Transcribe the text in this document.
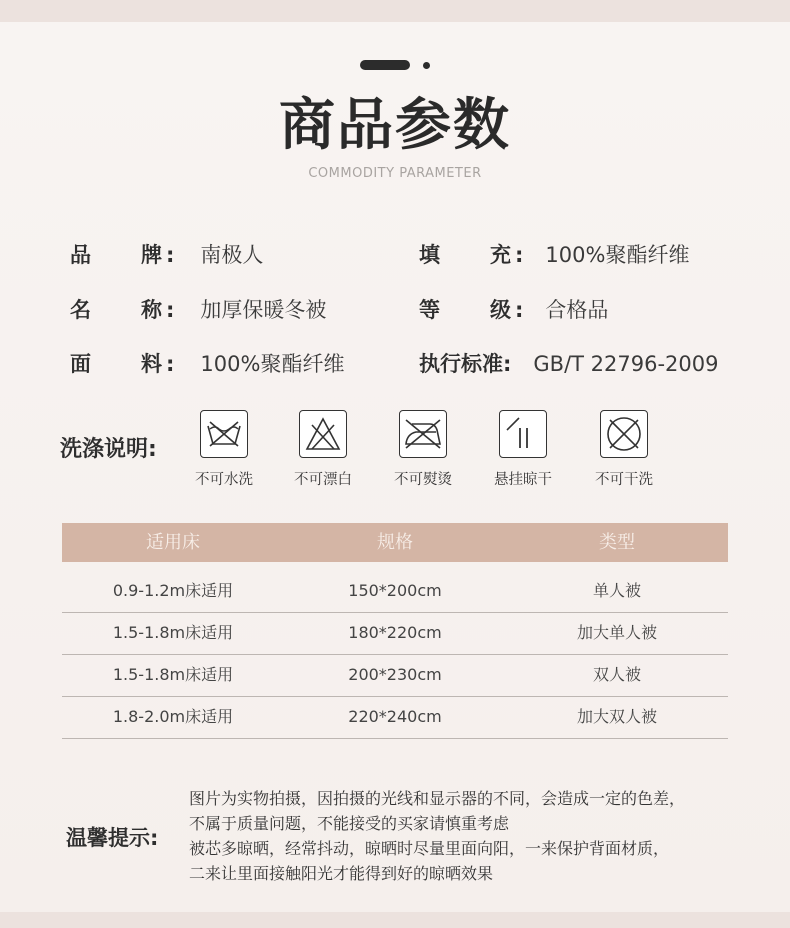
商品参数
COMMODITY PARAMETER
品 牌 : 南极人	填 充 : 100%聚酯纤维
名 称 : 加厚保暖冬被	等 级 : 合格品
面 料 : 100%聚酯纤维	执行标准: GB/T 22796-2009
洗涤说明:
不可水洗	不可漂白	不可熨烫	悬挂晾干	不可干洗
适用床	规格	类型
0.9-1.2m床适用	150*200cm	单人被
1.5-1.8m床适用	180*220cm	加大单人被
1.5-1.8m床适用	200*230cm	双人被
1.8-2.0m床适用	220*240cm	加大双人被
温馨提示:
图片为实物拍摄，因拍摄的光线和显示器的不同，会造成一定的色差，
不属于质量问题，不能接受的买家请慎重考虑
被芯多晾晒，经常抖动，晾晒时尽量里面向阳，一来保护背面材质，
二来让里面接触阳光才能得到好的晾晒效果
